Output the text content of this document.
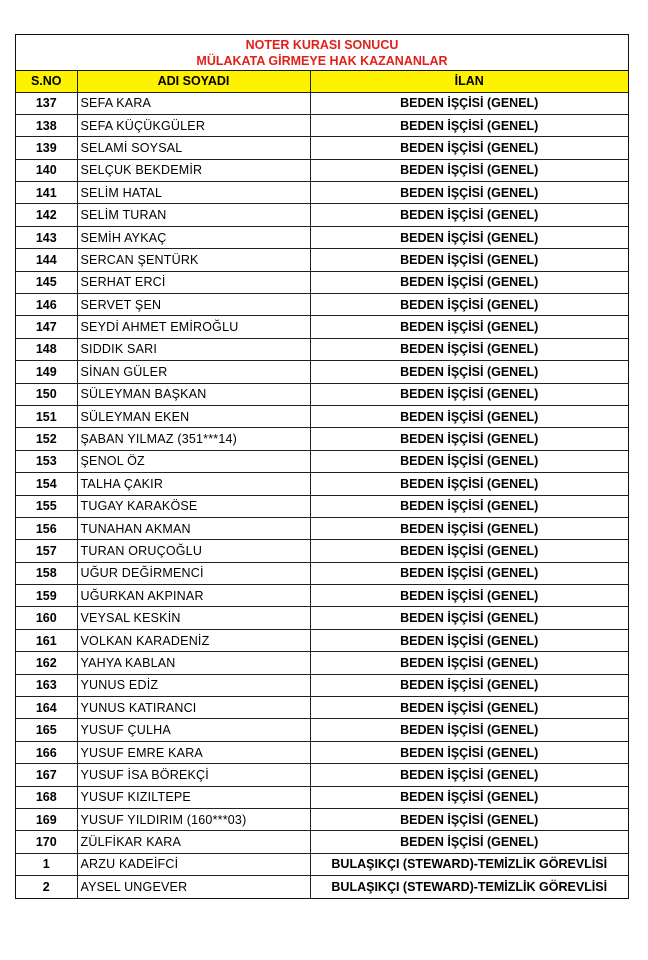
NOTER KURASI SONUCU
MÜLAKATA GİRMEYE HAK KAZANANLAR
S.NO	ADI SOYADI	İLAN
137	SEFA KARA	BEDEN İŞÇİSİ (GENEL)
138	SEFA KÜÇÜKGÜLER	BEDEN İŞÇİSİ (GENEL)
139	SELAMİ SOYSAL	BEDEN İŞÇİSİ (GENEL)
140	SELÇUK BEKDEMİR	BEDEN İŞÇİSİ (GENEL)
141	SELİM HATAL	BEDEN İŞÇİSİ (GENEL)
142	SELİM TURAN	BEDEN İŞÇİSİ (GENEL)
143	SEMİH AYKAÇ	BEDEN İŞÇİSİ (GENEL)
144	SERCAN ŞENTÜRK	BEDEN İŞÇİSİ (GENEL)
145	SERHAT ERCİ	BEDEN İŞÇİSİ (GENEL)
146	SERVET ŞEN	BEDEN İŞÇİSİ (GENEL)
147	SEYDİ AHMET EMİROĞLU	BEDEN İŞÇİSİ (GENEL)
148	SIDDIK SARI	BEDEN İŞÇİSİ (GENEL)
149	SİNAN GÜLER	BEDEN İŞÇİSİ (GENEL)
150	SÜLEYMAN BAŞKAN	BEDEN İŞÇİSİ (GENEL)
151	SÜLEYMAN EKEN	BEDEN İŞÇİSİ (GENEL)
152	ŞABAN YILMAZ (351***14)	BEDEN İŞÇİSİ (GENEL)
153	ŞENOL ÖZ	BEDEN İŞÇİSİ (GENEL)
154	TALHA ÇAKIR	BEDEN İŞÇİSİ (GENEL)
155	TUGAY KARAKÖSE	BEDEN İŞÇİSİ (GENEL)
156	TUNAHAN AKMAN	BEDEN İŞÇİSİ (GENEL)
157	TURAN ORUÇOĞLU	BEDEN İŞÇİSİ (GENEL)
158	UĞUR DEĞİRMENCİ	BEDEN İŞÇİSİ (GENEL)
159	UĞURKAN AKPINAR	BEDEN İŞÇİSİ (GENEL)
160	VEYSAL KESKİN	BEDEN İŞÇİSİ (GENEL)
161	VOLKAN KARADENİZ	BEDEN İŞÇİSİ (GENEL)
162	YAHYA KABLAN	BEDEN İŞÇİSİ (GENEL)
163	YUNUS EDİZ	BEDEN İŞÇİSİ (GENEL)
164	YUNUS KATIRANCI	BEDEN İŞÇİSİ (GENEL)
165	YUSUF ÇULHA	BEDEN İŞÇİSİ (GENEL)
166	YUSUF EMRE KARA	BEDEN İŞÇİSİ (GENEL)
167	YUSUF İSA BÖREKÇİ	BEDEN İŞÇİSİ (GENEL)
168	YUSUF KIZILTEPE	BEDEN İŞÇİSİ (GENEL)
169	YUSUF YILDIRIM (160***03)	BEDEN İŞÇİSİ (GENEL)
170	ZÜLFİKAR KARA	BEDEN İŞÇİSİ (GENEL)
1	ARZU KADEİFCİ	BULAŞIKÇI (STEWARD)-TEMİZLİK GÖREVLİSİ
2	AYSEL UNGEVER	BULAŞIKÇI (STEWARD)-TEMİZLİK GÖREVLİSİ
